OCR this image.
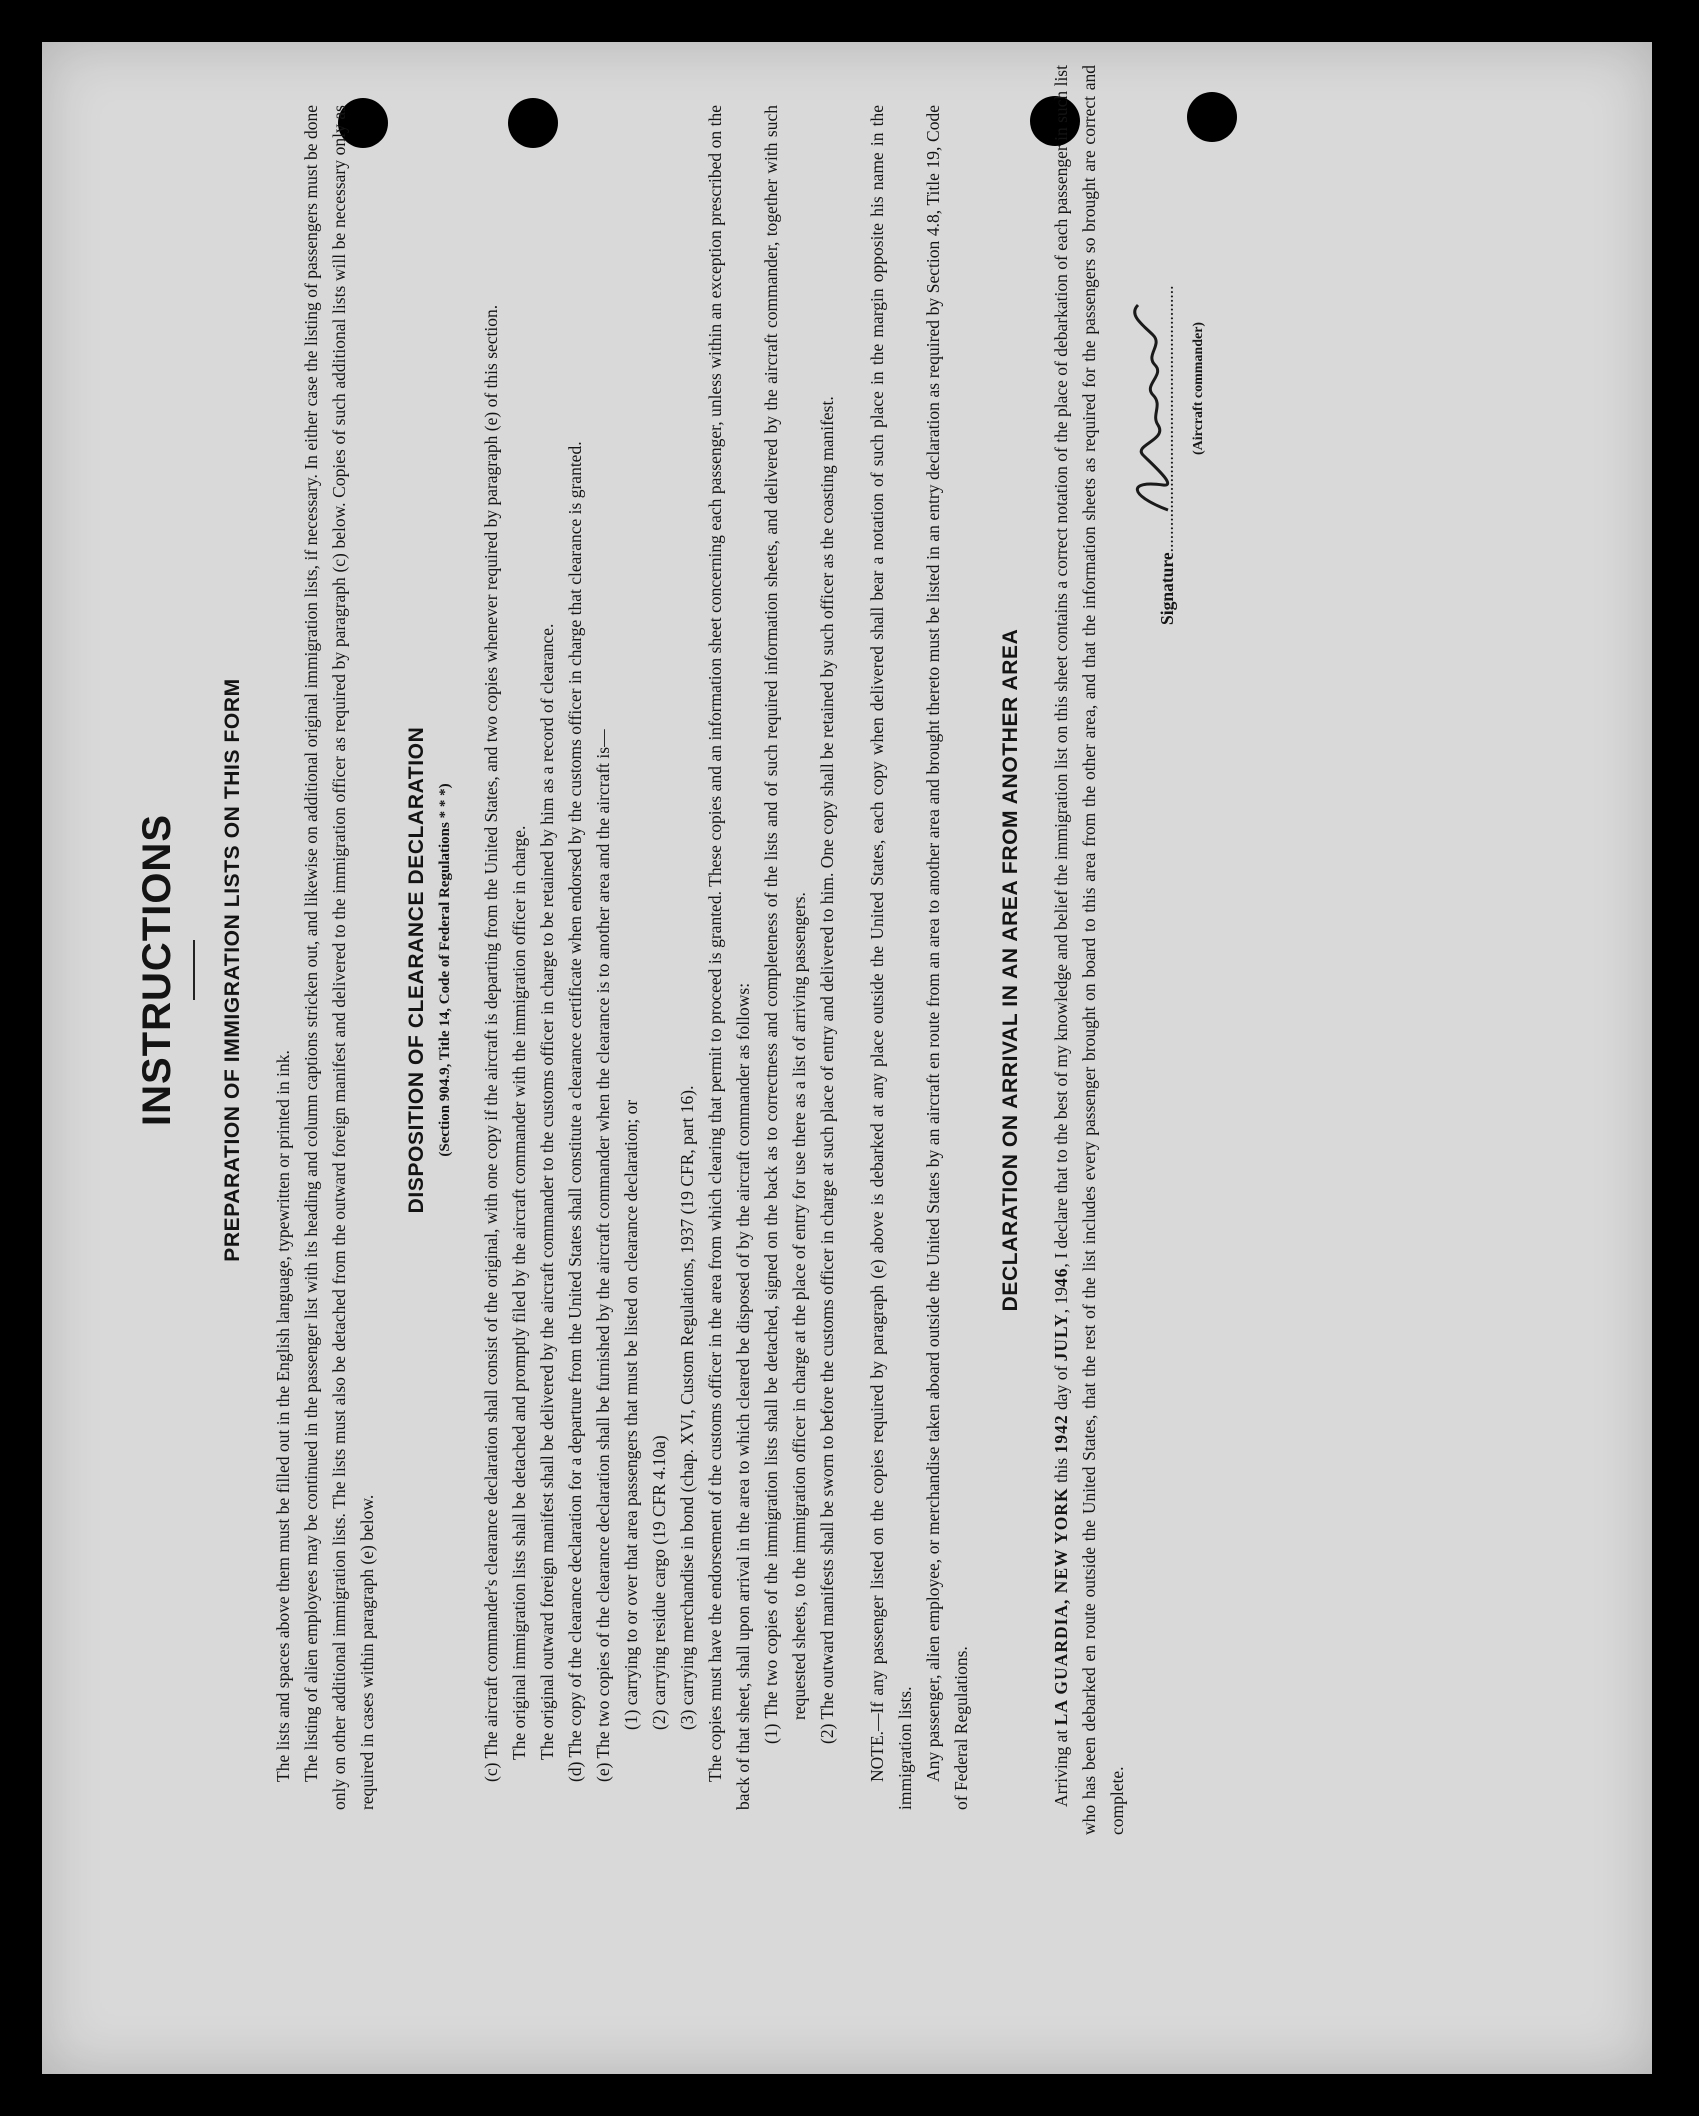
INSTRUCTIONS PREPARATION OF IMMIGRATION LISTS ON THIS FORM

The lists and spaces above them must be filled out in the English language, typewritten or printed in ink. The listing of alien employees may be continued in the passenger list with its heading and column captions stricken out, and likewise on additional original immigration lists, if necessary. In either case the listing of passengers must be done only on other additional immigration lists. The lists must also be detached from the outward foreign manifest and delivered to the immigration officer as required by paragraph (c) below. Copies of such additional lists will be necessary only as required in cases within paragraph (e) below.

DISPOSITION OF CLEARANCE DECLARATION (Section 904.9, Title 14, Code of Federal Regulations * * *)	(c) The aircraft commander's clearance declaration shall consist of the original, with one copy if the aircraft is departing from the United States, and two copies whenever required by paragraph (e) of this section. The original immigration lists shall be detached and promptly filed by the aircraft commander with the immigration officer in charge. The original outward foreign manifest shall be delivered by the aircraft commander to the customs officer in charge to be retained by him as a record of clearance. (d) The copy of the clearance declaration for a departure from the United States shall constitute a clearance certificate when endorsed by the customs officer in charge that clearance is granted. (e) The two copies of the clearance declaration shall be furnished by the aircraft commander when the clearance is to another area and the aircraft is— (1) carrying to or over that area passengers that must be listed on clearance declaration; or (2) carrying residue cargo (19 CFR 4.10a) (3) carrying merchandise in bond (chap. XVI, Custom Regulations, 1937 (19 CFR, part 16). The copies must have the endorsement of the customs officer in the area from which clearing that permit to proceed is granted. These copies and an information sheet concerning each passenger, unless within an exception prescribed on the back of that sheet, shall upon arrival in the area to which cleared be disposed of by the aircraft commander as follows: (1) The two copies of the immigration lists shall be detached, signed on the back as to correctness and completeness of the lists and of such required information sheets, and delivered by the aircraft commander, together with such requested sheets, to the immigration officer in charge at the place of entry for use there as a list of arriving passengers. (2) The outward manifests shall be sworn to before the customs officer in charge at such place of entry and delivered to him. One copy shall be retained by such officer as the coasting manifest. NOTE.—If any passenger listed on the copies required by paragraph (e) above is debarked at any place outside the United States, each copy when delivered shall bear a notation of such place in the margin opposite his name in the immigration lists. Any passenger, alien employee, or merchandise taken aboard outside the United States by an aircraft en route from an area to another area and brought thereto must be listed in an entry declaration as required by Section 4.8, Title 19, Code of Federal Regulations.

DECLARATION ON ARRIVAL IN AN AREA FROM ANOTHER AREA

Arriving at LA GUARDIA, NEW YORK this 1942 day of JULY, 1946, I declare that to the best of my knowledge and belief the immigration list on this sheet contains a correct notation of the place of debarkation of each passenger in such list who has been debarked en route outside the United States, that the rest of the list includes every passenger brought on board to this area from the other area, and that the information sheets as required for the passengers so brought are correct and complete.

Signature.............................................................	(Aircraft commander)
